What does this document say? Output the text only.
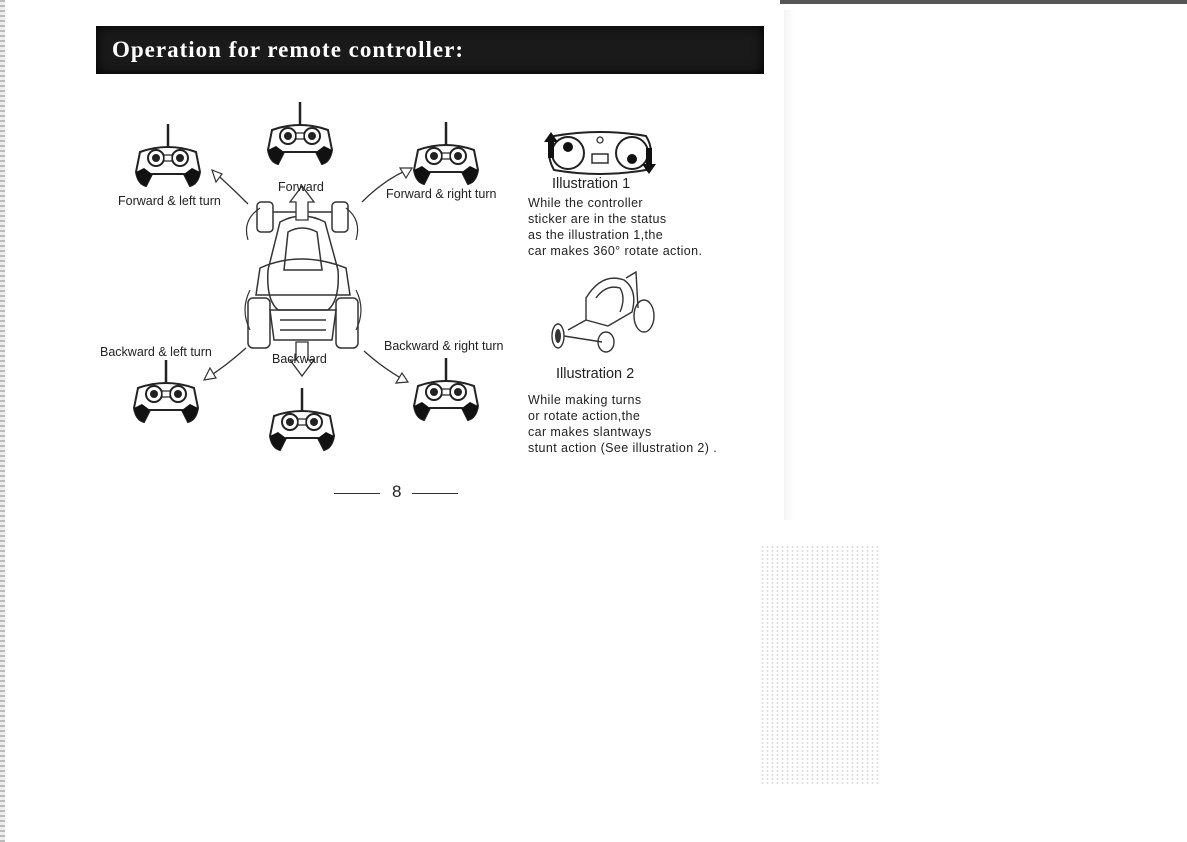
Operation for remote controller:
Forward & left turn
Forward	Forward & right turn
Backward & left turn	Backward
Backward & right turn
Illustration 1
While the controller
sticker are in the status
as the illustration 1,the
car makes 360° rotate action.
Illustration 2
While making turns
or rotate action,the
car makes slantways
stunt action (See illustration 2) .
8
